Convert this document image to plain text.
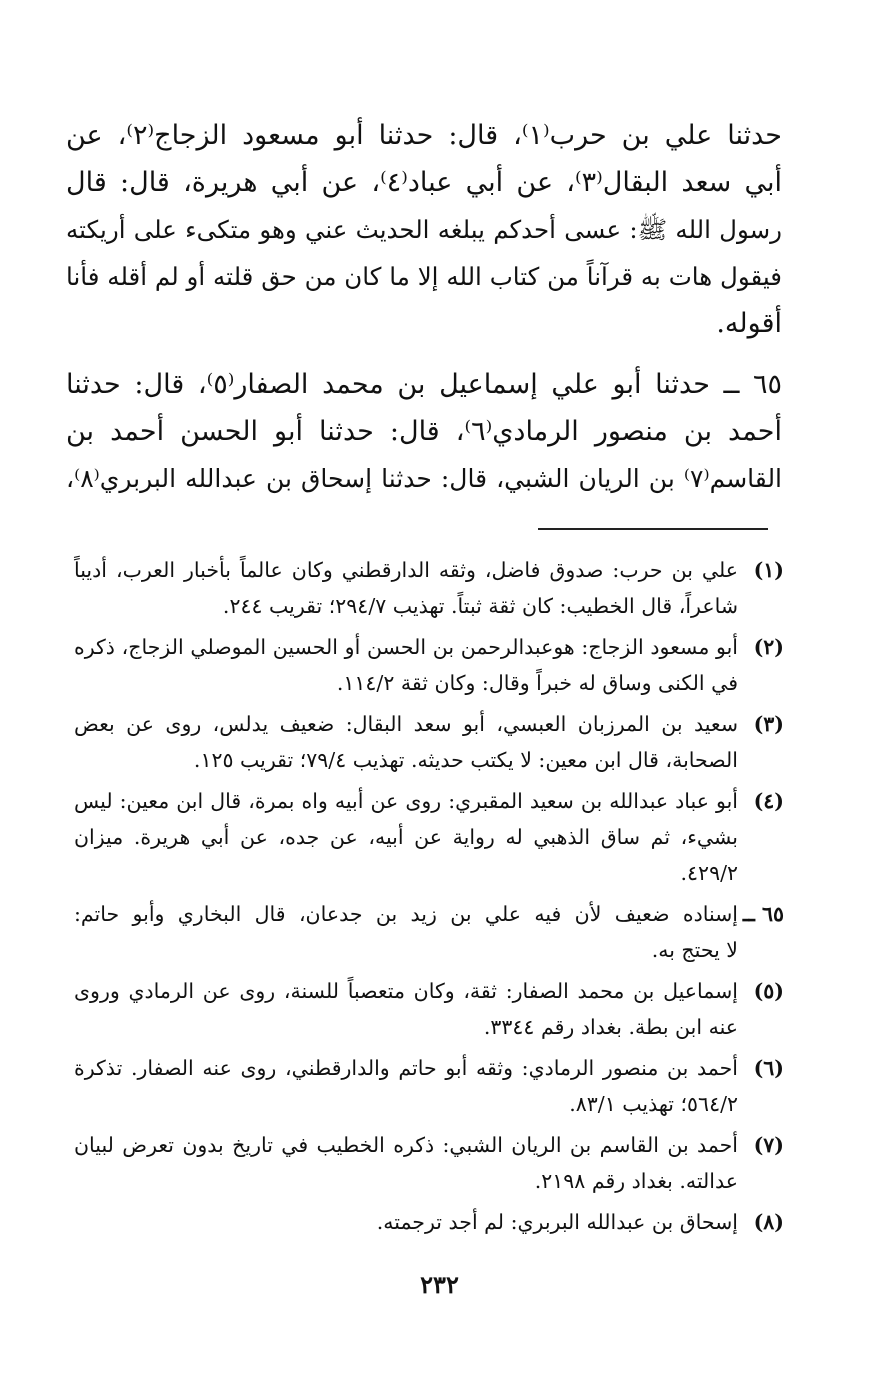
حدثنا علي بن حرب⁽١⁾، قال: حدثنا أبو مسعود الزجاج⁽٢⁾، عن
أبي سعد البقال⁽٣⁾، عن أبي عباد⁽٤⁾، عن أبي هريرة، قال: قال
رسول الله ﷺ: عسى أحدكم يبلغه الحديث عني وهو متكىء على أريكته
فيقول هات به قرآناً من كتاب الله إلا ما كان من حق قلته أو لم أقله فأنا
أقوله.
٦٥ ــ حدثنا أبو علي إسماعيل بن محمد الصفار⁽٥⁾، قال: حدثنا
أحمد بن منصور الرمادي⁽٦⁾، قال: حدثنا أبو الحسن أحمد بن
القاسم⁽٧⁾ بن الريان الشبي، قال: حدثنا إسحاق بن عبدالله البربري⁽٨⁾،
(١)
علي بن حرب: صدوق فاضل، وثقه الدارقطني وكان عالماً بأخبار العرب، أديباً
شاعراً، قال الخطيب: كان ثقة ثبتاً. تهذيب ٢٩٤/٧؛ تقريب ٢٤٤.
(٢)
أبو مسعود الزجاج: هوعبدالرحمن بن الحسن أو الحسين الموصلي الزجاج، ذكره
في الكنى وساق له خبراً وقال: وكان ثقة ١١٤/٢.
(٣)
سعيد بن المرزبان العبسي، أبو سعد البقال: ضعيف يدلس، روى عن بعض
الصحابة، قال ابن معين: لا يكتب حديثه. تهذيب ٧٩/٤؛ تقريب ١٢٥.
(٤)
أبو عباد عبدالله بن سعيد المقبري: روى عن أبيه واه بمرة، قال ابن معين: ليس
بشيء، ثم ساق الذهبي له رواية عن أبيه، عن جده، عن أبي هريرة. ميزان
٤٢٩/٢.
٦٥ ــ
إسناده ضعيف لأن فيه علي بن زيد بن جدعان، قال البخاري وأبو حاتم:
لا يحتج به.
(٥)
إسماعيل بن محمد الصفار: ثقة، وكان متعصباً للسنة، روى عن الرمادي وروى
عنه ابن بطة. بغداد رقم ٣٣٤٤.
(٦)
أحمد بن منصور الرمادي: وثقه أبو حاتم والدارقطني، روى عنه الصفار. تذكرة
٥٦٤/٢؛ تهذيب ٨٣/١.
(٧)
أحمد بن القاسم بن الريان الشبي: ذكره الخطيب في تاريخ بدون تعرض لبيان
عدالته. بغداد رقم ٢١٩٨.
(٨)
إسحاق بن عبدالله البربري: لم أجد ترجمته.
٢٣٢
